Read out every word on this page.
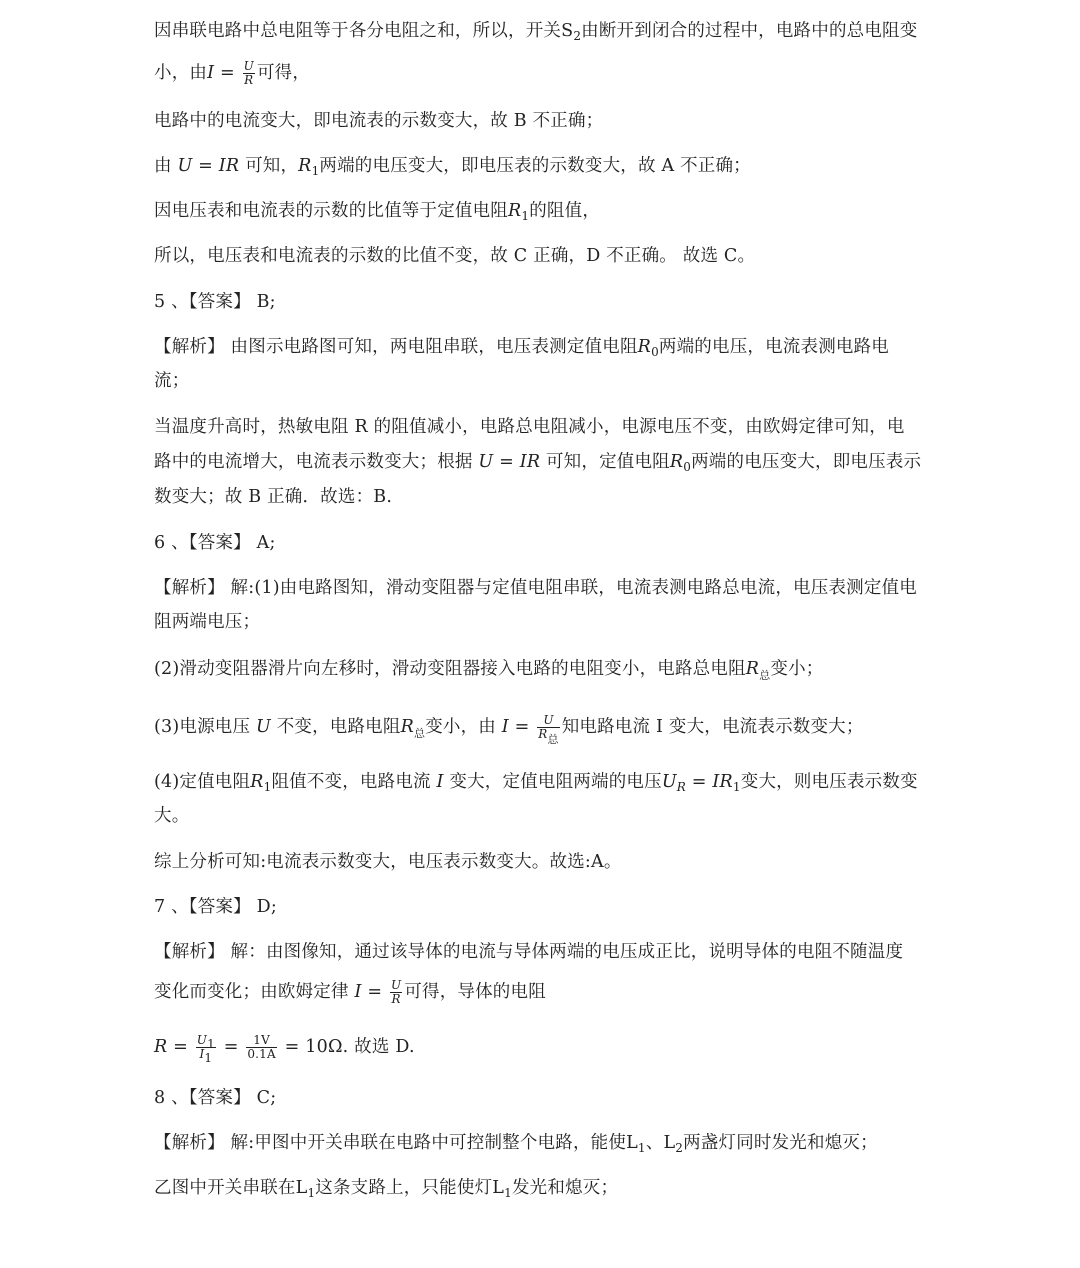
因串联电路中总电阻等于各分电阻之和，所以，开关$S_2$由断开到闭合的过程中，电路中的总电阻变
小，由$I = \frac{U}{R}$ 可得，
电路中的电流变大，即电流表的示数变大，故 B 不正确；
由 U = IR 可知，$R_1$两端的电压变大，即电压表的示数变大，故 A 不正确；
因电压表和电流表的示数的比值等于定值电阻$R_1$的阻值，
所以，电压表和电流表的示数的比值不变，故 C 正确，D 不正确。 故选 C。
5 、【答案】 B;
【解析】 由图示电路图可知，两电阻串联，电压表测定值电阻$R_0$两端的电压，电流表测电路电
流；
当温度升高时，热敏电阻 R 的阻值减小，电路总电阻减小，电源电压不变，由欧姆定律可知，电
路中的电流增大，电流表示数变大；根据 U = IR 可知，定值电阻$R_0$两端的电压变大，即电压表示
数变大；故 B 正确．故选：B.
6 、【答案】 A;
【解析】 解:(1)由电路图知，滑动变阻器与定值电阻串联，电流表测电路总电流，电压表测定值电
阻两端电压；
(2)滑动变阻器滑片向左移时，滑动变阻器接入电路的电阻变小，电路总电阻$R_总$变小；
(3)电源电压 U 不变，电路电阻$R_总$变小，由 $I = \frac{U}{R_总}$ 知电路电流 I 变大，电流表示数变大；
(4)定值电阻$R_1$阻值不变，电路电流 I 变大，定值电阻两端的电压$U_R = IR_1$变大，则电压表示数变
大。
综上分析可知:电流表示数变大，电压表示数变大。故选:A。
7 、【答案】 D;
【解析】 解：由图像知，通过该导体的电流与导体两端的电压成正比，说明导体的电阻不随温度
变化而变化；由欧姆定律 $I = \frac{U}{R}$ 可得，导体的电阻
$R = \frac{U_1}{I_1} = \frac{1V}{0.1A} = 10\Omega$. 故选 D.
8 、【答案】 C;
【解析】 解:甲图中开关串联在电路中可控制整个电路，能使$L_1$、$L_2$两盏灯同时发光和熄灭；
乙图中开关串联在$L_1$这条支路上，只能使灯$L_1$发光和熄灭；
